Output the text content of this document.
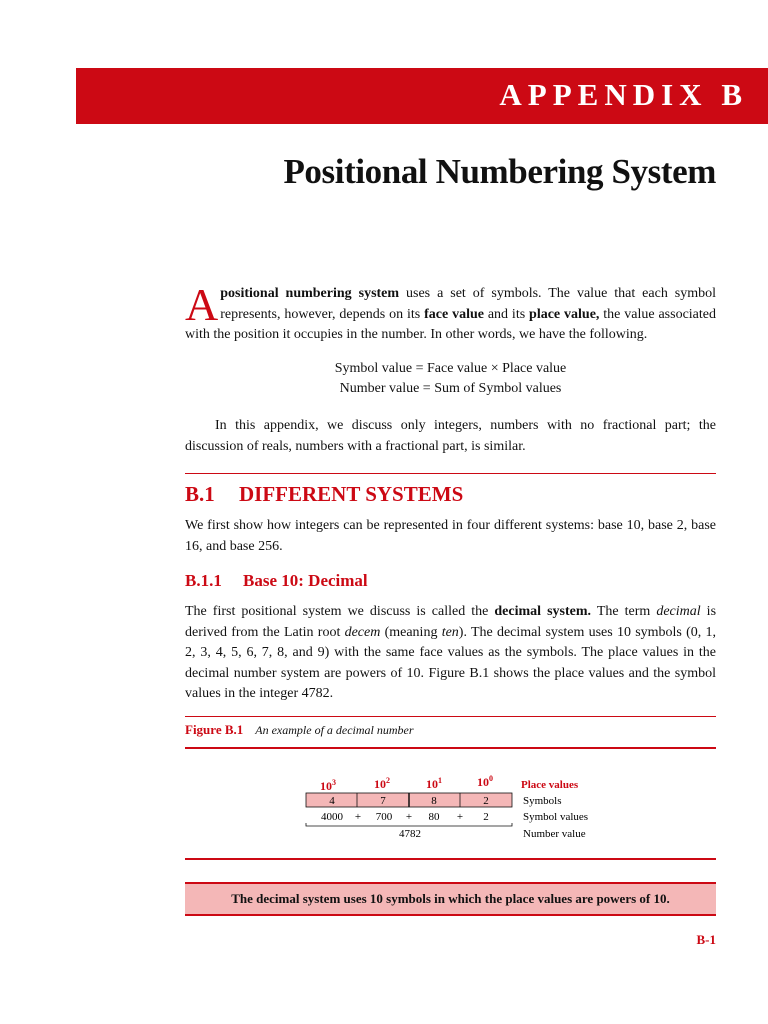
APPENDIX B
Positional Numbering System

Apositional numbering system uses a set of symbols. The value that each symbol represents, however, depends on its face value and its place value, the value associated with the position it occupies in the number. In other words, we have the following.

Symbol value = Face value × Place value
Number value = Sum of Symbol values

In this appendix, we discuss only integers, numbers with no fractional part; the discussion of reals, numbers with a fractional part, is similar.

B.1 DIFFERENT SYSTEMS

We first show how integers can be represented in four different systems: base 10, base 2, base 16, and base 256.

B.1.1 Base 10: Decimal

The first positional system we discuss is called the decimal system. The term decimal is derived from the Latin root decem (meaning ten). The decimal system uses 10 symbols (0, 1, 2, 3, 4, 5, 6, 7, 8, and 9) with the same face values as the symbols. The place values in the decimal number system are powers of 10. Figure B.1 shows the place values and the symbol values in the integer 4782.

Figure B.1 An example of a decimal number
$10^3$	$10^2$	$10^1$	$10^0$
4	7	8	2
4000 + 700 + 80 + 2
4782
Place values
Symbols
Symbol values
Number value
The decimal system uses 10 symbols in which the place values are powers of 10.
B-1
